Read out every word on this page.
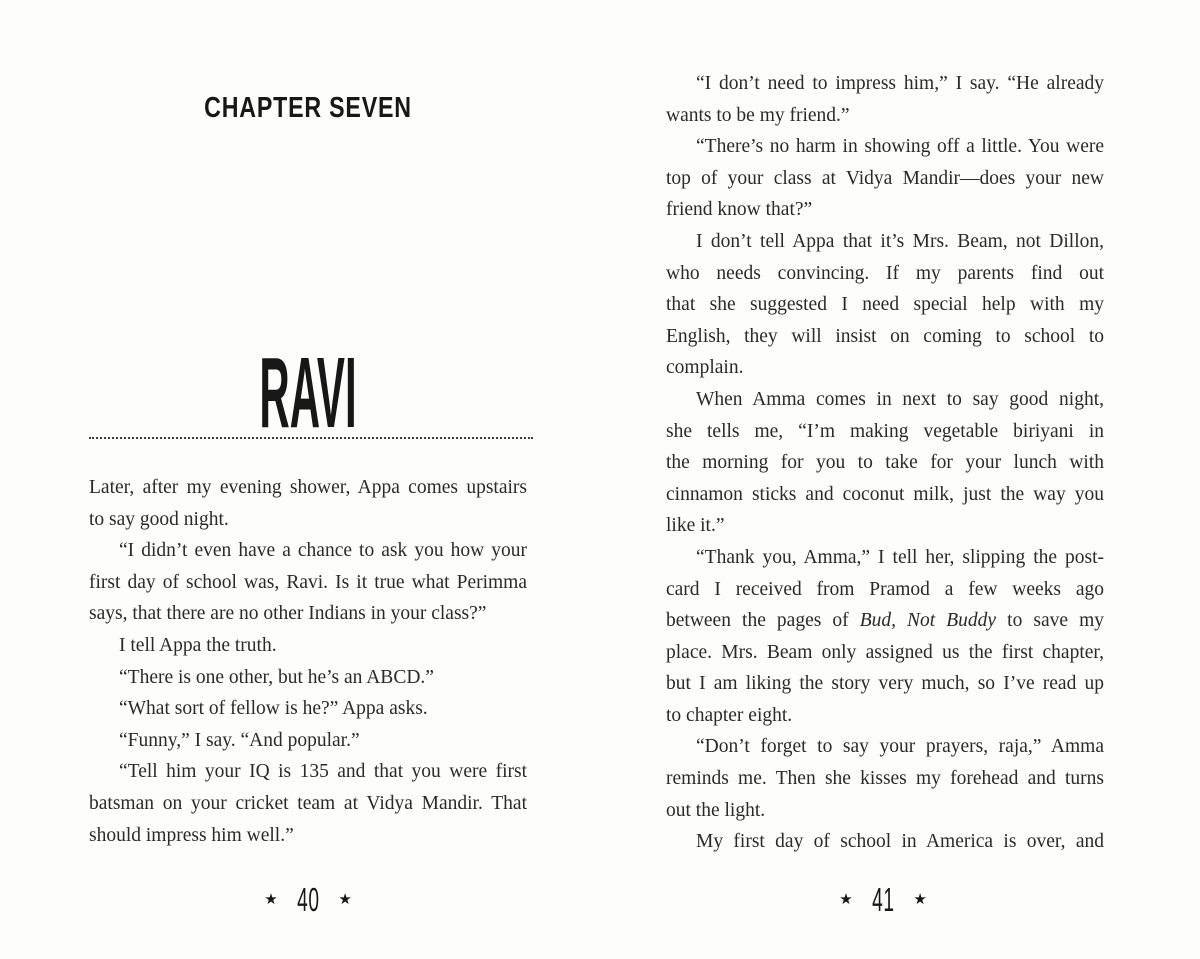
CHAPTER SEVEN
RAVI
Later, after my evening shower, Appa comes upstairs
to say good night.
“I didn’t even have a chance to ask you how your
first day of school was, Ravi. Is it true what Perimma
says, that there are no other Indians in your class?”
I tell Appa the truth.
“There is one other, but he’s an ABCD.”
“What sort of fellow is he?” Appa asks.
“Funny,” I say. “And popular.”
“Tell him your IQ is 135 and that you were first
batsman on your cricket team at Vidya Mandir. That
should impress him well.”
★ 40 ★
“I don’t need to impress him,” I say. “He already
wants to be my friend.”
“There’s no harm in showing off a little. You were
top of your class at Vidya Mandir—does your new
friend know that?”
I don’t tell Appa that it’s Mrs. Beam, not Dillon,
who needs convincing. If my parents find out
that she suggested I need special help with my
English, they will insist on coming to school to
complain.
When Amma comes in next to say good night,
she tells me, “I’m making vegetable biriyani in
the morning for you to take for your lunch with
cinnamon sticks and coconut milk, just the way you
like it.”
“Thank you, Amma,” I tell her, slipping the post-
card I received from Pramod a few weeks ago
between the pages of Bud, Not Buddy to save my
place. Mrs. Beam only assigned us the first chapter,
but I am liking the story very much, so I’ve read up
to chapter eight.
“Don’t forget to say your prayers, raja,” Amma
reminds me. Then she kisses my forehead and turns
out the light.
My first day of school in America is over, and
★ 41 ★
